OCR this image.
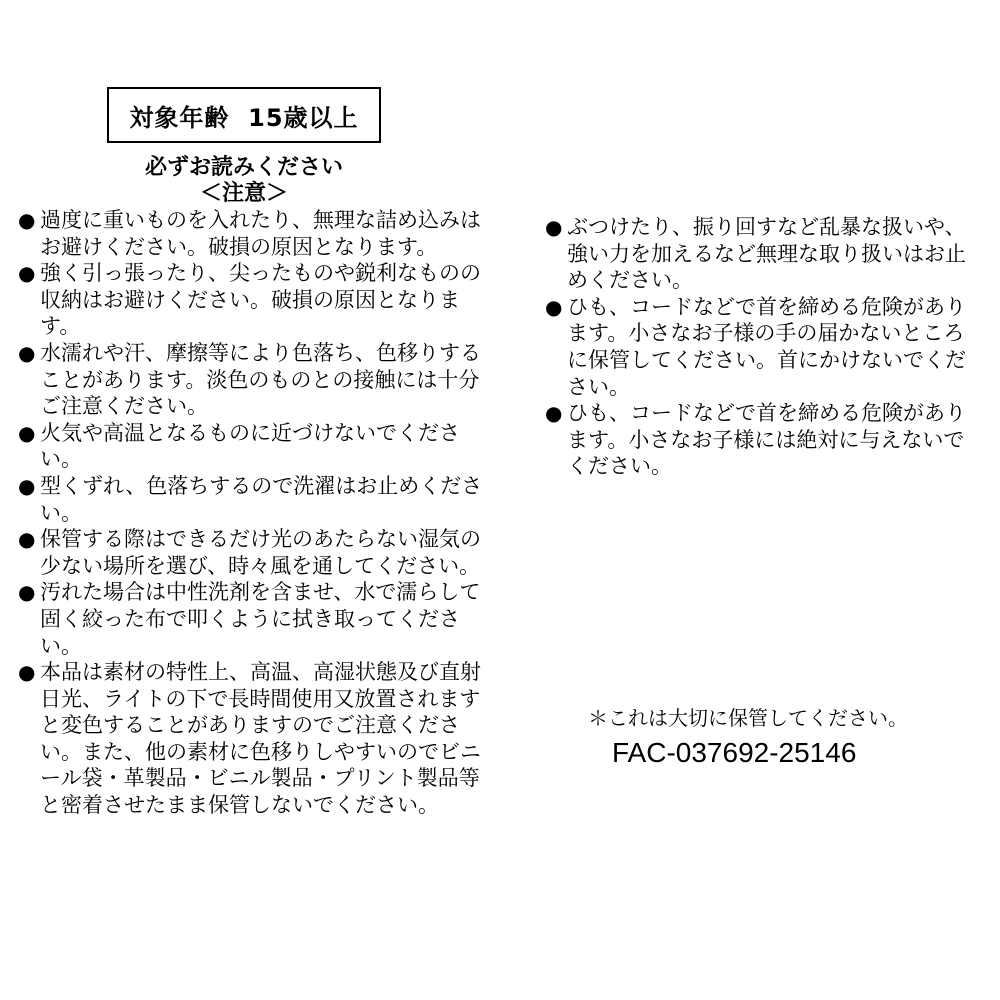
対象年齢  15歳以上
必ずお読みください
＜注意＞
● 過度に重いものを入れたり、無理な詰め込みはお避けください。破損の原因となります。
● 強く引っ張ったり、尖ったものや鋭利なものの収納はお避けください。破損の原因となります。
● 水濡れや汗、摩擦等により色落ち、色移りすることがあります。淡色のものとの接触には十分ご注意ください。
● 火気や高温となるものに近づけないでください。
● 型くずれ、色落ちするので洗濯はお止めください。
● 保管する際はできるだけ光のあたらない湿気の少ない場所を選び、時々風を通してください。
● 汚れた場合は中性洗剤を含ませ、水で濡らして固く絞った布で叩くように拭き取ってください。
● 本品は素材の特性上、高温、高湿状態及び直射日光、ライトの下で長時間使用又放置されますと変色することがありますのでご注意ください。また、他の素材に色移りしやすいのでビニール袋・革製品・ビニル製品・プリント製品等と密着させたまま保管しないでください。
● ぶつけたり、振り回すなど乱暴な扱いや、強い力を加えるなど無理な取り扱いはお止めください。
● ひも、コードなどで首を締める危険があります。小さなお子様の手の届かないところに保管してください。首にかけないでください。
● ひも、コードなどで首を締める危険があります。小さなお子様には絶対に与えないでください。
＊これは大切に保管してください。
FAC-037692-25146
